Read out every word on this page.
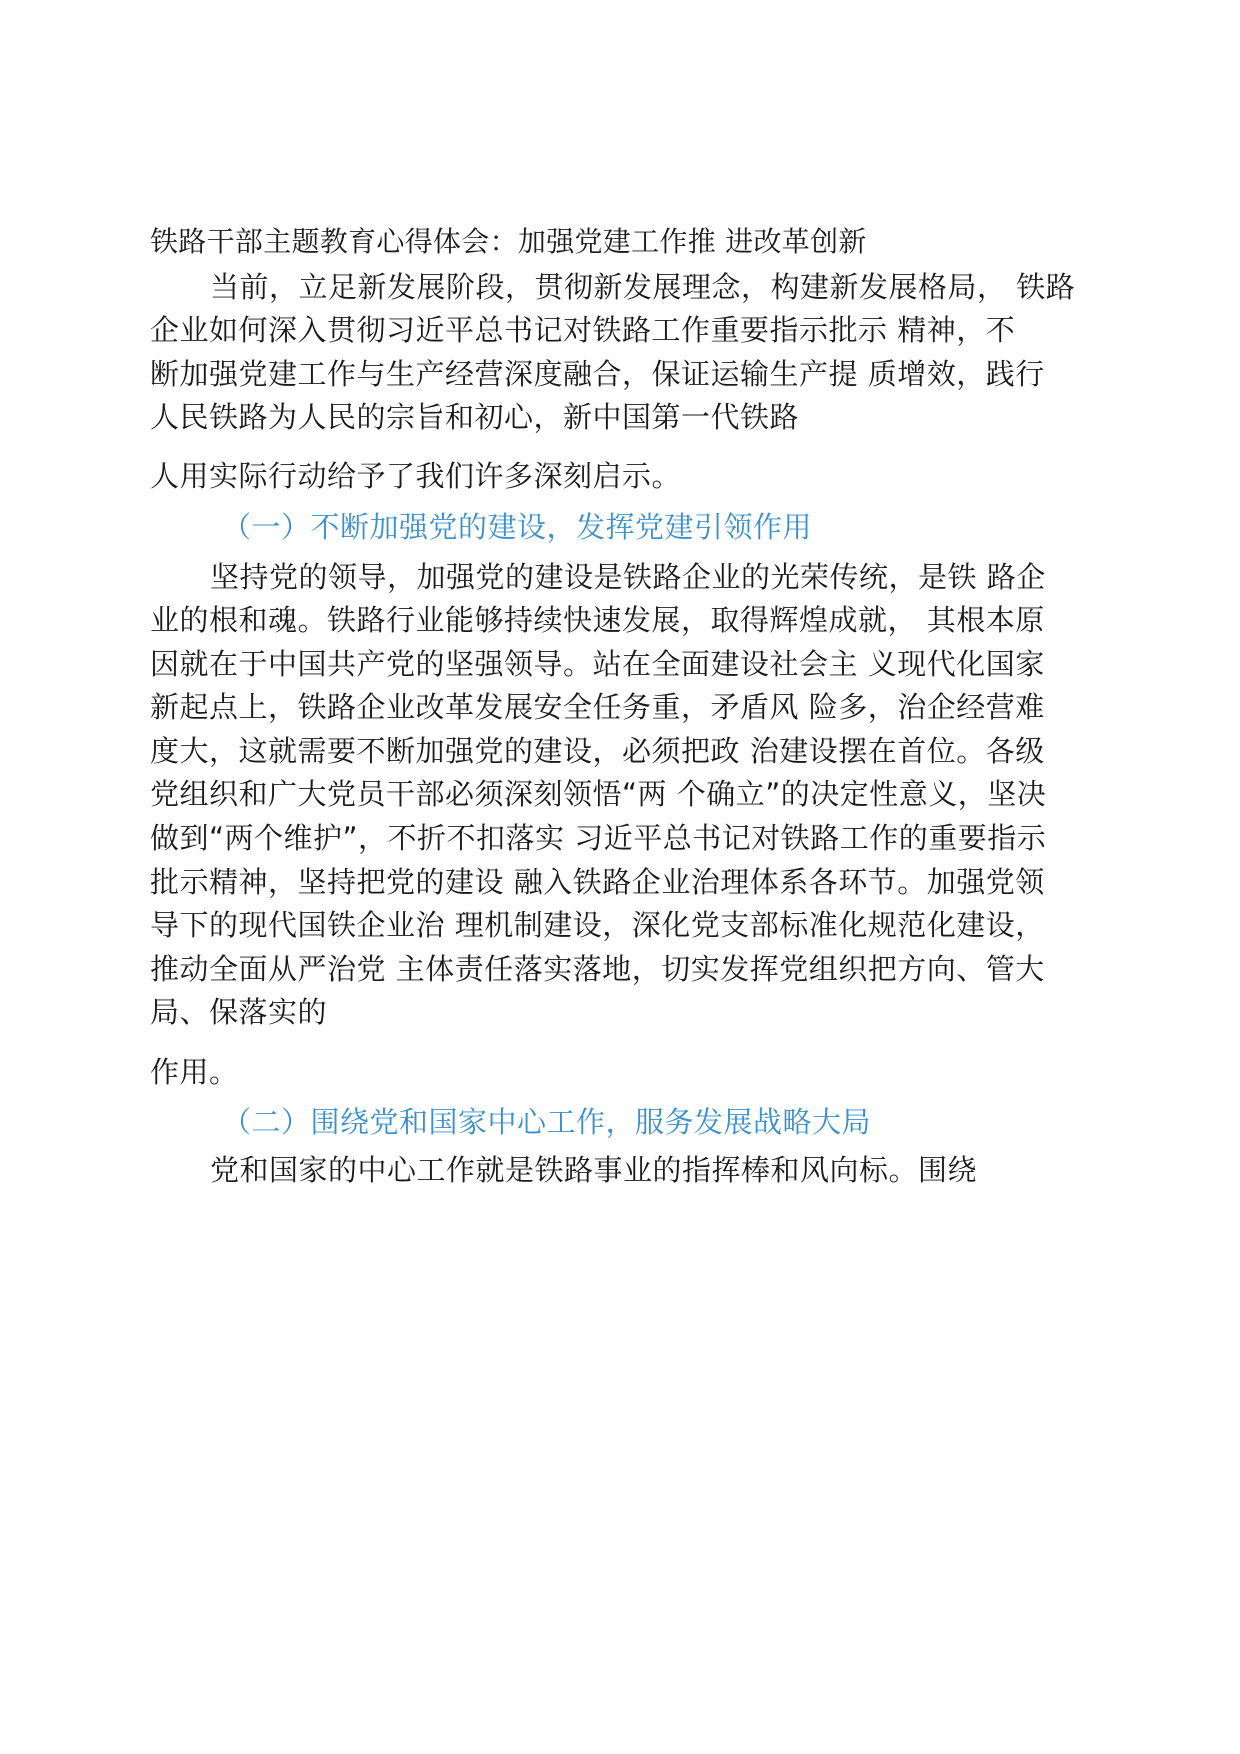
铁路干部主题教育心得体会：加强党建工作推 进改革创新
当前，立足新发展阶段，贯彻新发展理念，构建新发展格局， 铁路
企业如何深入贯彻习近平总书记对铁路工作重要指示批示 精神，不
断加强党建工作与生产经营深度融合，保证运输生产提 质增效，践行
人民铁路为人民的宗旨和初心，新中国第一代铁路
人用实际行动给予了我们许多深刻启示。
（一）不断加强党的建设，发挥党建引领作用
坚持党的领导，加强党的建设是铁路企业的光荣传统，是铁 路企
业的根和魂。铁路行业能够持续快速发展，取得辉煌成就， 其根本原
因就在于中国共产党的坚强领导。站在全面建设社会主 义现代化国家
新起点上，铁路企业改革发展安全任务重，矛盾风 险多，治企经营难
度大，这就需要不断加强党的建设，必须把政 治建设摆在首位。各级
党组织和广大党员干部必须深刻领悟“两 个确立”的决定性意义，坚决
做到“两个维护”，不折不扣落实 习近平总书记对铁路工作的重要指示
批示精神，坚持把党的建设 融入铁路企业治理体系各环节。加强党领
导下的现代国铁企业治 理机制建设，深化党支部标准化规范化建设，
推动全面从严治党 主体责任落实落地，切实发挥党组织把方向、管大
局、保落实的
作用。
（二）围绕党和国家中心工作，服务发展战略大局
党和国家的中心工作就是铁路事业的指挥棒和风向标。围绕
